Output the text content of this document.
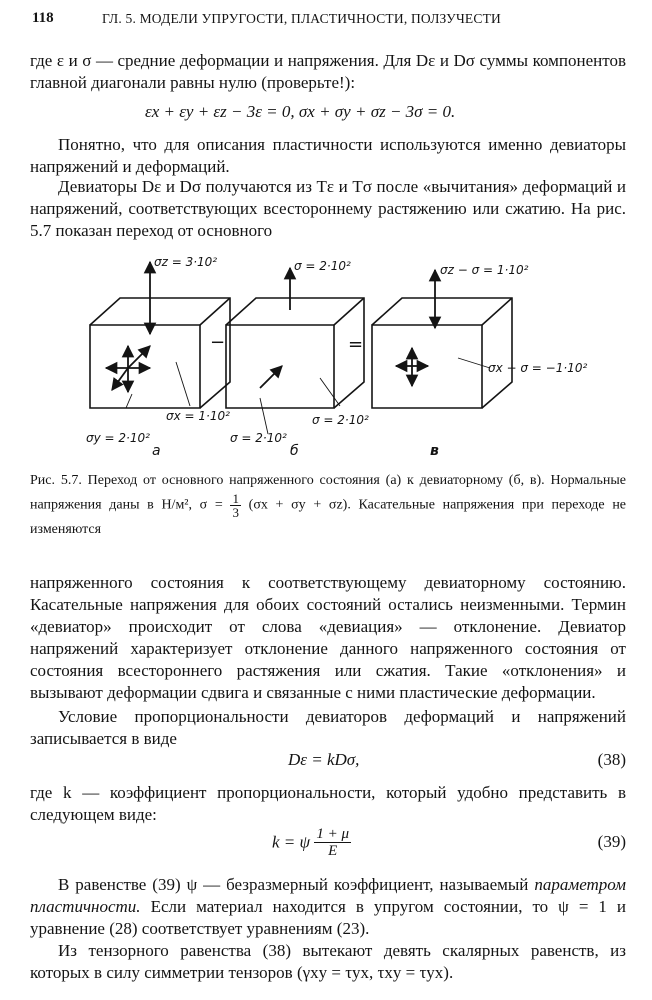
118	ГЛ. 5. МОДЕЛИ УПРУГОСТИ, ПЛАСТИЧНОСТИ, ПОЛЗУЧЕСТИ

где ε и σ — средние деформации и напряжения. Для Dε и Dσ суммы компонентов главной диагонали равны нулю (проверьте!):

εx + εy + εz − 3ε = 0, σx + σy + σz − 3σ = 0.

Понятно, что для описания пластичности используются именно девиаторы напряжений и деформаций.

Девиаторы Dε и Dσ получаются из Tε и Tσ после «вычитания» деформаций и напряжений, соответствующих всестороннему растяжению или сжатию. На рис. 5.7 показан переход от основного

σz = 3·10²
σx = 1·10²
σy = 2·10²
σ = 2·10²
σ = 2·10²
σ = 2·10²
σz − σ = 1·10²
σx − σ = −1·10²
−	=
а	б	в
Рис. 5.7. Переход от основного напряженного состояния (а) к девиаторному (б, в). Нормальные напряжения даны в Н/м², $\sigma = \frac{1}{3} (\sigma x + \sigma y + \sigma z)$. Касательные напряжения при переходе не изменяются

напряженного состояния к соответствующему девиаторному состоянию. Касательные напряжения для обоих состояний остались неизменными. Термин «девиатор» происходит от слова «девиация» — отклонение. Девиатор напряжений характеризует отклонение данного напряженного состояния от состояния всестороннего растяжения или сжатия. Такие «отклонения» и вызывают деформации сдвига и связанные с ними пластические деформации.

Условие пропорциональности девиаторов деформаций и напряжений записывается в виде

Dε = kDσ,	(38)

где k — коэффициент пропорциональности, который удобно представить в следующем виде:

k = ψ $\frac{1 + \mu}{E}$	(39)

В равенстве (39) ψ — безразмерный коэффициент, называемый параметром пластичности. Если материал находится в упругом состоянии, то ψ = 1 и уравнение (28) соответствует уравнениям (23).

Из тензорного равенства (38) вытекают девять скалярных равенств, из которых в силу симметрии тензоров (γxy = τyx, τxy = τyx).
